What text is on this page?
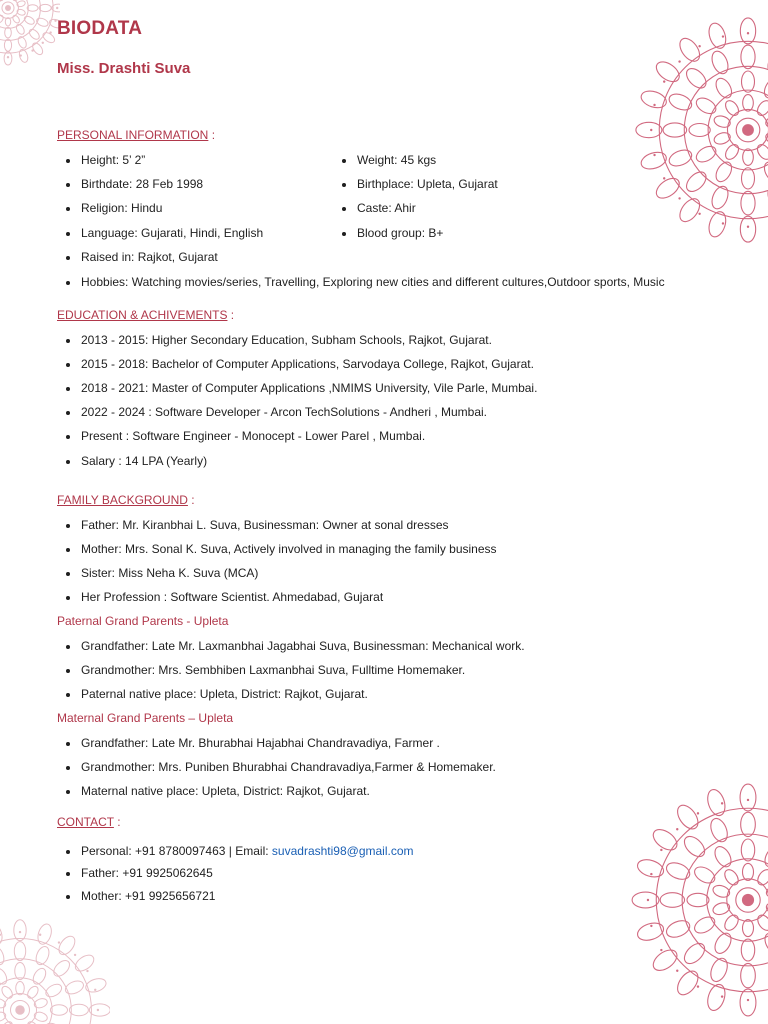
BIODATA
Miss. Drashti Suva
PERSONAL INFORMATION :
Height: 5’ 2”
Birthdate: 28 Feb 1998
Religion: Hindu
Language: Gujarati, Hindi, English
Raised in: Rajkot, Gujarat
Weight: 45 kgs
Birthplace: Upleta, Gujarat
Caste: Ahir
Blood group: B+
Hobbies: Watching movies/series, Travelling, Exploring new cities and different cultures,Outdoor sports, Music
EDUCATION & ACHIVEMENTS :
2013 - 2015: Higher Secondary Education, Subham Schools, Rajkot, Gujarat.
2015 - 2018: Bachelor of Computer Applications, Sarvodaya College, Rajkot, Gujarat.
2018 - 2021: Master of Computer Applications ,NMIMS University, Vile Parle, Mumbai.
2022 - 2024 : Software Developer - Arcon TechSolutions - Andheri , Mumbai.
Present : Software Engineer - Monocept - Lower Parel , Mumbai.
Salary : 14 LPA (Yearly)
FAMILY BACKGROUND :
Father: Mr. Kiranbhai L. Suva, Businessman: Owner at sonal dresses
Mother: Mrs. Sonal K. Suva, Actively involved in managing the family business
Sister: Miss Neha K. Suva (MCA)
Her Profession : Software Scientist. Ahmedabad, Gujarat
Paternal Grand Parents - Upleta
Grandfather: Late Mr. Laxmanbhai Jagabhai Suva, Businessman: Mechanical work.
Grandmother: Mrs. Sembhiben Laxmanbhai Suva, Fulltime Homemaker.
Paternal native place: Upleta, District: Rajkot, Gujarat.
Maternal Grand Parents – Upleta
Grandfather: Late Mr. Bhurabhai Hajabhai Chandravadiya, Farmer .
Grandmother: Mrs. Puniben Bhurabhai Chandravadiya,Farmer & Homemaker.
Maternal native place: Upleta, District: Rajkot, Gujarat.
CONTACT :
Personal: +91 8780097463 | Email: suvadrashti98@gmail.com
Father: +91 9925062645
Mother: +91 9925656721
